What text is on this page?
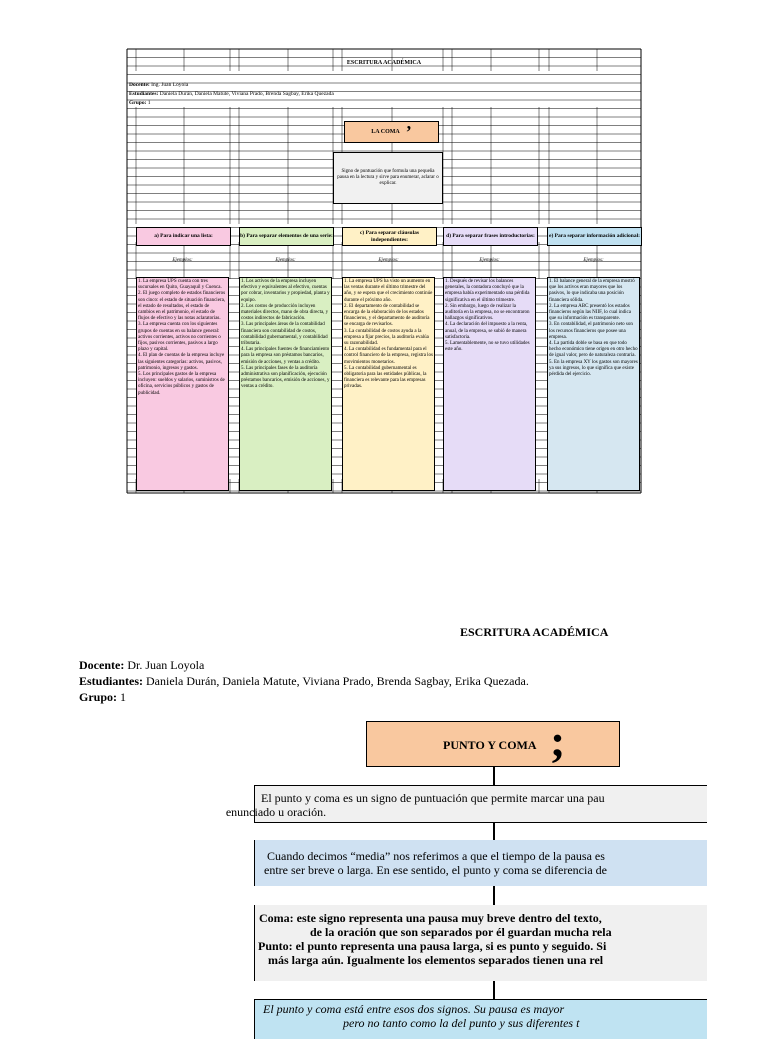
ESCRITURA ACADÉMICA
Docente: Ing. Juan Loyola
Estudiantes: Daniela Durán, Daniela Matute, Viviana Prado, Brenda Sagbay, Erika Quezada
Grupo: 1
LA COMA ’
Signo de puntuación que formula una pequeña pausa en la lectura y sirve para enumerar, aclarar o explicar.
a) Para indicar una lista:
Ejemplos:
1. La empresa UPS cuenta con tres sucursales en Quito, Guayaquil y Cuenca.
2. El juego completo de estados financieros son cinco: el estado de situación financiera, el estado de resultados, el estado de cambios en el patrimonio, el estado de flujos de efectivo y las notas aclaratorias.
3. La empresa cuenta con los siguientes grupos de cuentas en su balance general: activos corrientes, activos no corrientes o fijos, pasivos corrientes, pasivos a largo plazo y capital.
4. El plan de cuentas de la empresa incluye las siguientes categorías: activos, pasivos, patrimonio, ingresos y gastos.
5. Los principales gastos de la empresa incluyen: sueldos y salarios, suministros de oficina, servicios públicos y gastos de publicidad.
b) Para separar elementos de una serie:
Ejemplos:
1. Los activos de la empresa incluyen efectivo y equivalentes al efectivo, cuentas por cobrar, inventarios y propiedad, planta y equipo.
2. Los costos de producción incluyen materiales directos, mano de obra directa, y costos indirectos de fabricación.
3. Las principales áreas de la contabilidad financiera son contabilidad de costos, contabilidad gubernamental, y contabilidad tributaria.
4. Las principales fuentes de financiamiento para la empresa son préstamos bancarios, emisión de acciones, y ventas a crédito.
5. Las principales fases de la auditoría administrativa son planificación, ejecución préstamos bancarios, emisión de acciones, y ventas a crédito.
c) Para separar cláusulas independientes:
Ejemplos:
1. La empresa UPS ha visto un aumento en las ventas durante el último trimestre del año, y se espera que el crecimiento continúe durante el próximo año.
2. El departamento de contabilidad se encarga de la elaboración de los estados financieros, y el departamento de auditoría se encarga de revisarlos.
3. La contabilidad de costos ayuda a la empresa a fijar precios, la auditoría evalúa su razonabilidad.
4. La contabilidad es fundamental para el control financiero de la empresa, registra los movimientos monetarios.
5. La contabilidad gubernamental es obligatoria para las entidades públicas, la financiera es relevante para las empresas privadas.
d) Para separar frases introductorias:
Ejemplos:
1. Después de revisar los balances generales, la contadora concluyó que la empresa había experimentado una pérdida significativa en el último trimestre.
2. Sin embargo, luego de realizar la auditoría en la empresa, no se encontraron hallazgos significativos.
4. La declaración del impuesto a la renta, anual, de la empresa, se subió de manera satisfactoria.
5. Lamentablemente, no se tuvo utilidades este año.
e) Para separar información adicional:
Ejemplos:
1. El balance general de la empresa mostró que los activos eran mayores que los pasivos, lo que indicaba una posición financiera sólida.
2. La empresa ABC presentó los estados financieros según las NIIF, lo cual indica que su información es transparente.
3. En contabilidad, el patrimonio neto son los recursos financieros que posee una empresa.
4. La partida doble se basa en que todo hecho económico tiene origen en otro hecho de igual valor, pero de naturaleza contraria.
5. En la empresa XY los gastos son mayores ya sus ingresos, lo que significa que existe pérdida del ejercicio.
ESCRITURA ACADÉMICA
Docente: Dr. Juan Loyola
Estudiantes: Daniela Durán, Daniela Matute, Viviana Prado, Brenda Sagbay, Erika Quezada.
Grupo: 1
PUNTO Y COMA ;
El punto y coma es un signo de puntuación que permite marcar una pau
enunciado u oración.
Cuando decimos “media” nos referimos a que el tiempo de la pausa es
entre ser breve o larga. En ese sentido, el punto y coma se diferencia de
Coma: este signo representa una pausa muy breve dentro del texto,
de la oración que son separados por él guardan mucha rela
Punto: el punto representa una pausa larga, si es punto y seguido. Si
más larga aún. Igualmente los elementos separados tienen una rel
El punto y coma está entre esos dos signos. Su pausa es mayor
pero no tanto como la del punto y sus diferentes t
